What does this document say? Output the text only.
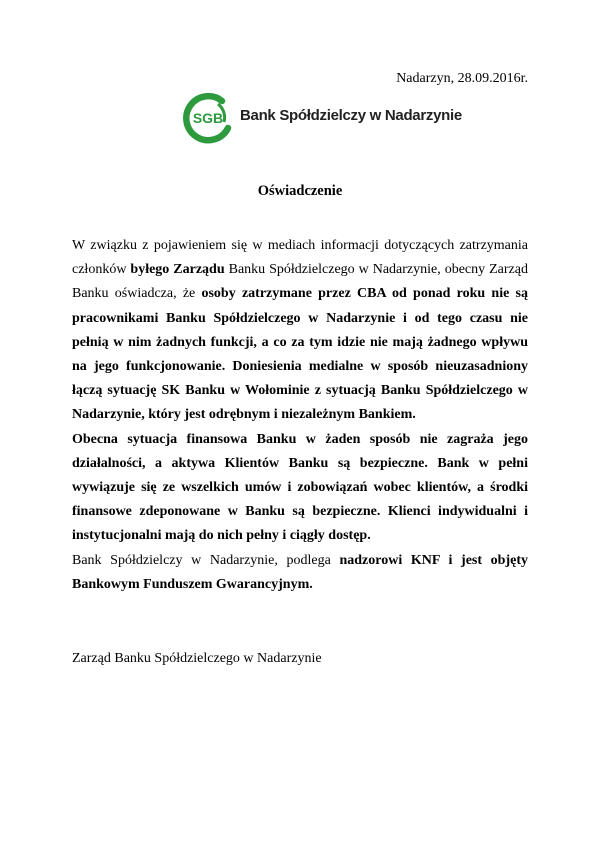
Nadarzyn, 28.09.2016r.
SGB Bank Spółdzielczy w Nadarzynie
Oświadczenie

W związku z pojawieniem się w mediach informacji dotyczących zatrzymania członków byłego Zarządu Banku Spółdzielczego w Nadarzynie, obecny Zarząd Banku oświadcza, że osoby zatrzymane przez CBA od ponad roku nie są pracownikami Banku Spółdzielczego w Nadarzynie i od tego czasu nie pełnią w nim żadnych funkcji, a co za tym idzie nie mają żadnego wpływu na jego funkcjonowanie. Doniesienia medialne w sposób nieuzasadniony łączą sytuację SK Banku w Wołominie z sytuacją Banku Spółdzielczego w Nadarzynie, który jest odrębnym i niezależnym Bankiem.

Obecna sytuacja finansowa Banku w żaden sposób nie zagraża jego działalności, a aktywa Klientów Banku są bezpieczne. Bank w pełni wywiązuje się ze wszelkich umów i zobowiązań wobec klientów, a środki finansowe zdeponowane w Banku są bezpieczne. Klienci indywidualni i instytucjonalni mają do nich pełny i ciągły dostęp.

Bank Spółdzielczy w Nadarzynie, podlega nadzorowi KNF i jest objęty Bankowym Funduszem Gwarancyjnym.

Zarząd Banku Spółdzielczego w Nadarzynie
